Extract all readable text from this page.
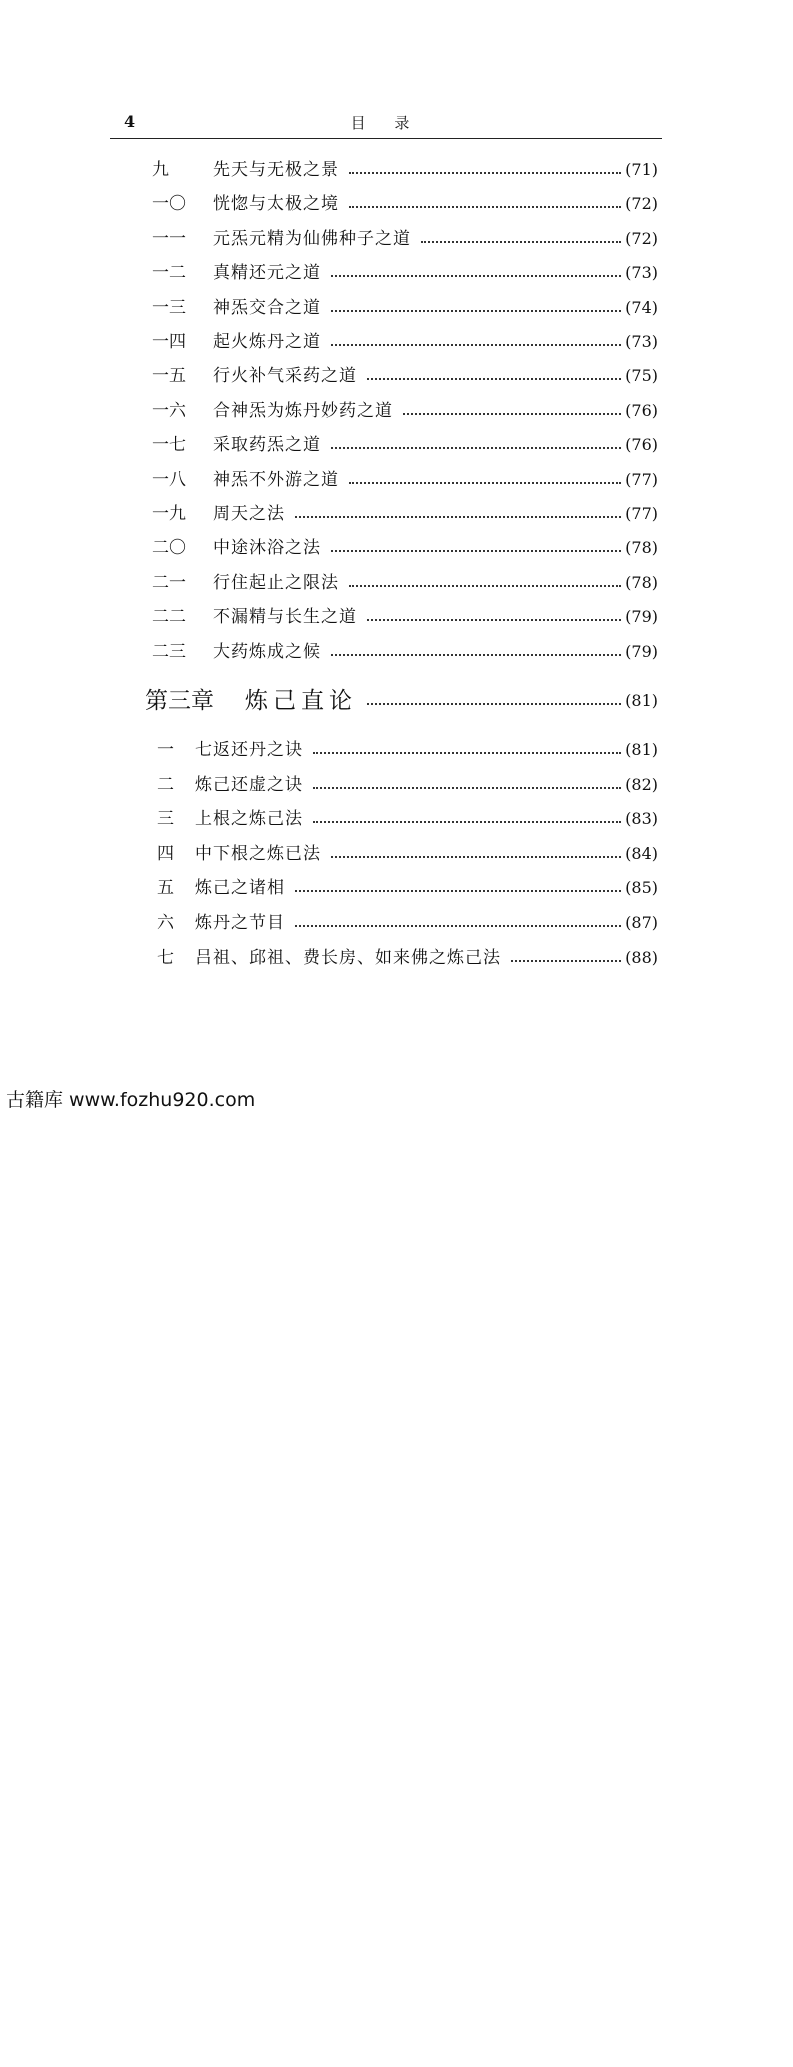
4	目 录
九	先天与无极之景	(71)
一〇 恍惚与太极之境	(72)
一一 元炁元精为仙佛种子之道	(72)
一二 真精还元之道	(73)
一三 神炁交合之道	(74)
一四 起火炼丹之道	(73)
一五 行火补气采药之道	(75)
一六 合神炁为炼丹妙药之道	(76)
一七 采取药炁之道	(76)
一八 神炁不外游之道	(77)
一九 周天之法	(77)
二〇 中途沐浴之法	(78)
二一 行住起止之限法	(78)
二二 不漏精与长生之道	(79)
二三 大药炼成之候	(79)
第三章 炼己直论	(81)
一 七返还丹之诀	(81)
二 炼己还虚之诀	(82)
三 上根之炼己法	(83)
四 中下根之炼已法	(84)
五 炼己之诸相	(85)
六 炼丹之节目	(87)
七 吕祖、邱祖、费长房、如来佛之炼己法	(88)
古籍库 www.fozhu920.com
